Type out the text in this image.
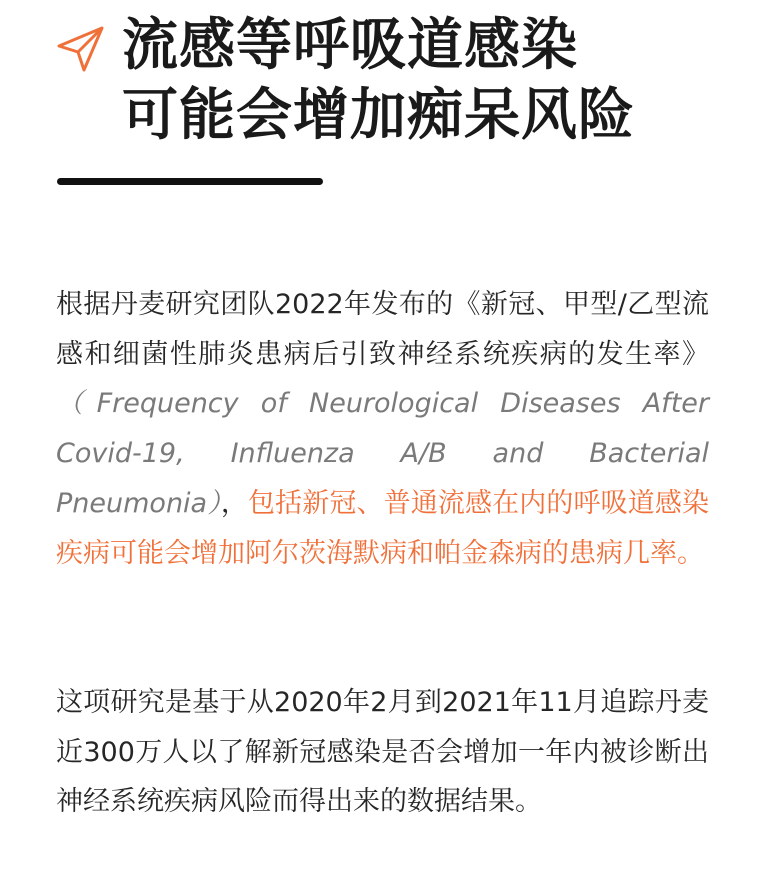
流感等呼吸道感染
可能会增加痴呆风险

根据丹麦研究团队2022年发布的《新冠、甲型/乙型流感和细菌性肺炎患病后引致神经系统疾病的发生率》（Frequency of Neurological Diseases After Covid-19, Influenza A/B and Bacterial Pneumonia），包括新冠、普通流感在内的呼吸道感染疾病可能会增加阿尔茨海默病和帕金森病的患病几率。

这项研究是基于从2020年2月到2021年11月追踪丹麦近300万人以了解新冠感染是否会增加一年内被诊断出神经系统疾病风险而得出来的数据结果。
